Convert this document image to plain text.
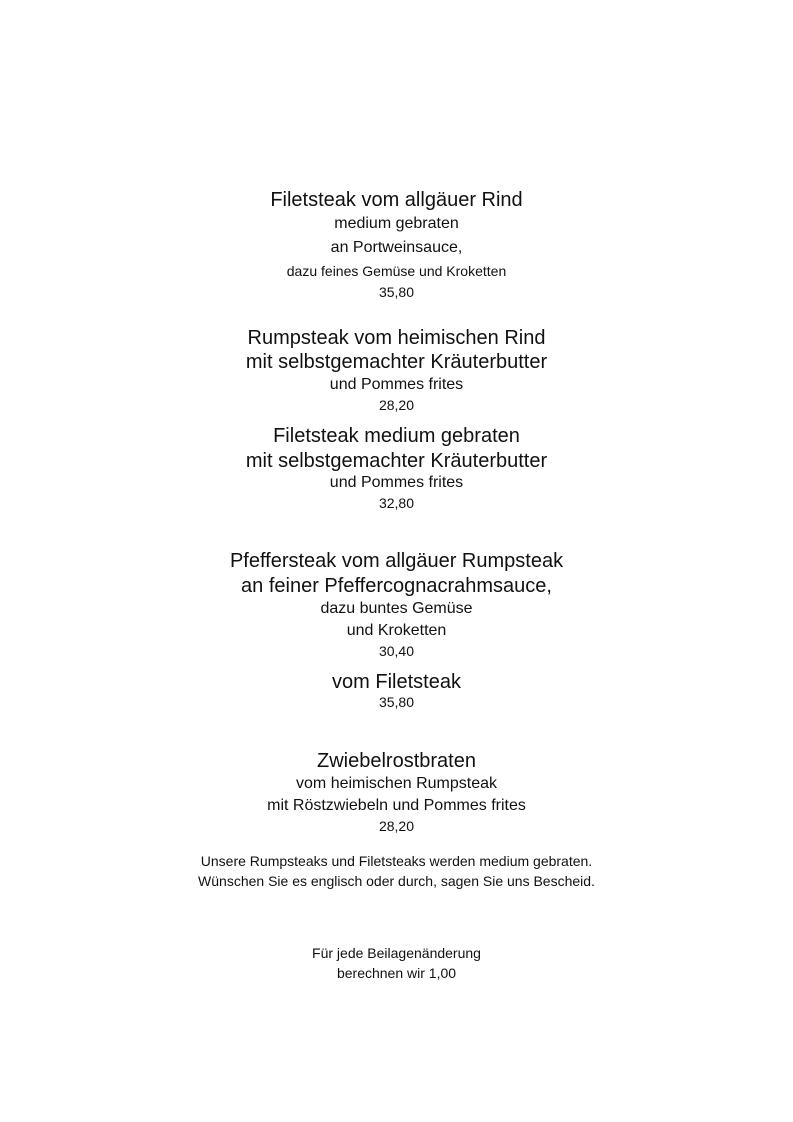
Filetsteak vom allgäuer Rind
medium gebraten
an Portweinsauce,
dazu feines Gemüse und Kroketten
35,80
Rumpsteak vom heimischen Rind
mit selbstgemachter Kräuterbutter
und Pommes frites
28,20
Filetsteak medium gebraten
mit selbstgemachter Kräuterbutter
und Pommes frites
32,80
Pfeffersteak vom allgäuer Rumpsteak
an feiner Pfeffercognacrahmsauce,
dazu buntes Gemüse
und Kroketten
30,40
vom Filetsteak
35,80
Zwiebelrostbraten
vom heimischen Rumpsteak
mit Röstzwiebeln und Pommes frites
28,20
Unsere Rumpsteaks und Filetsteaks werden medium gebraten.
Wünschen Sie es englisch oder durch, sagen Sie uns Bescheid.
Für jede Beilagenänderung
berechnen wir 1,00
